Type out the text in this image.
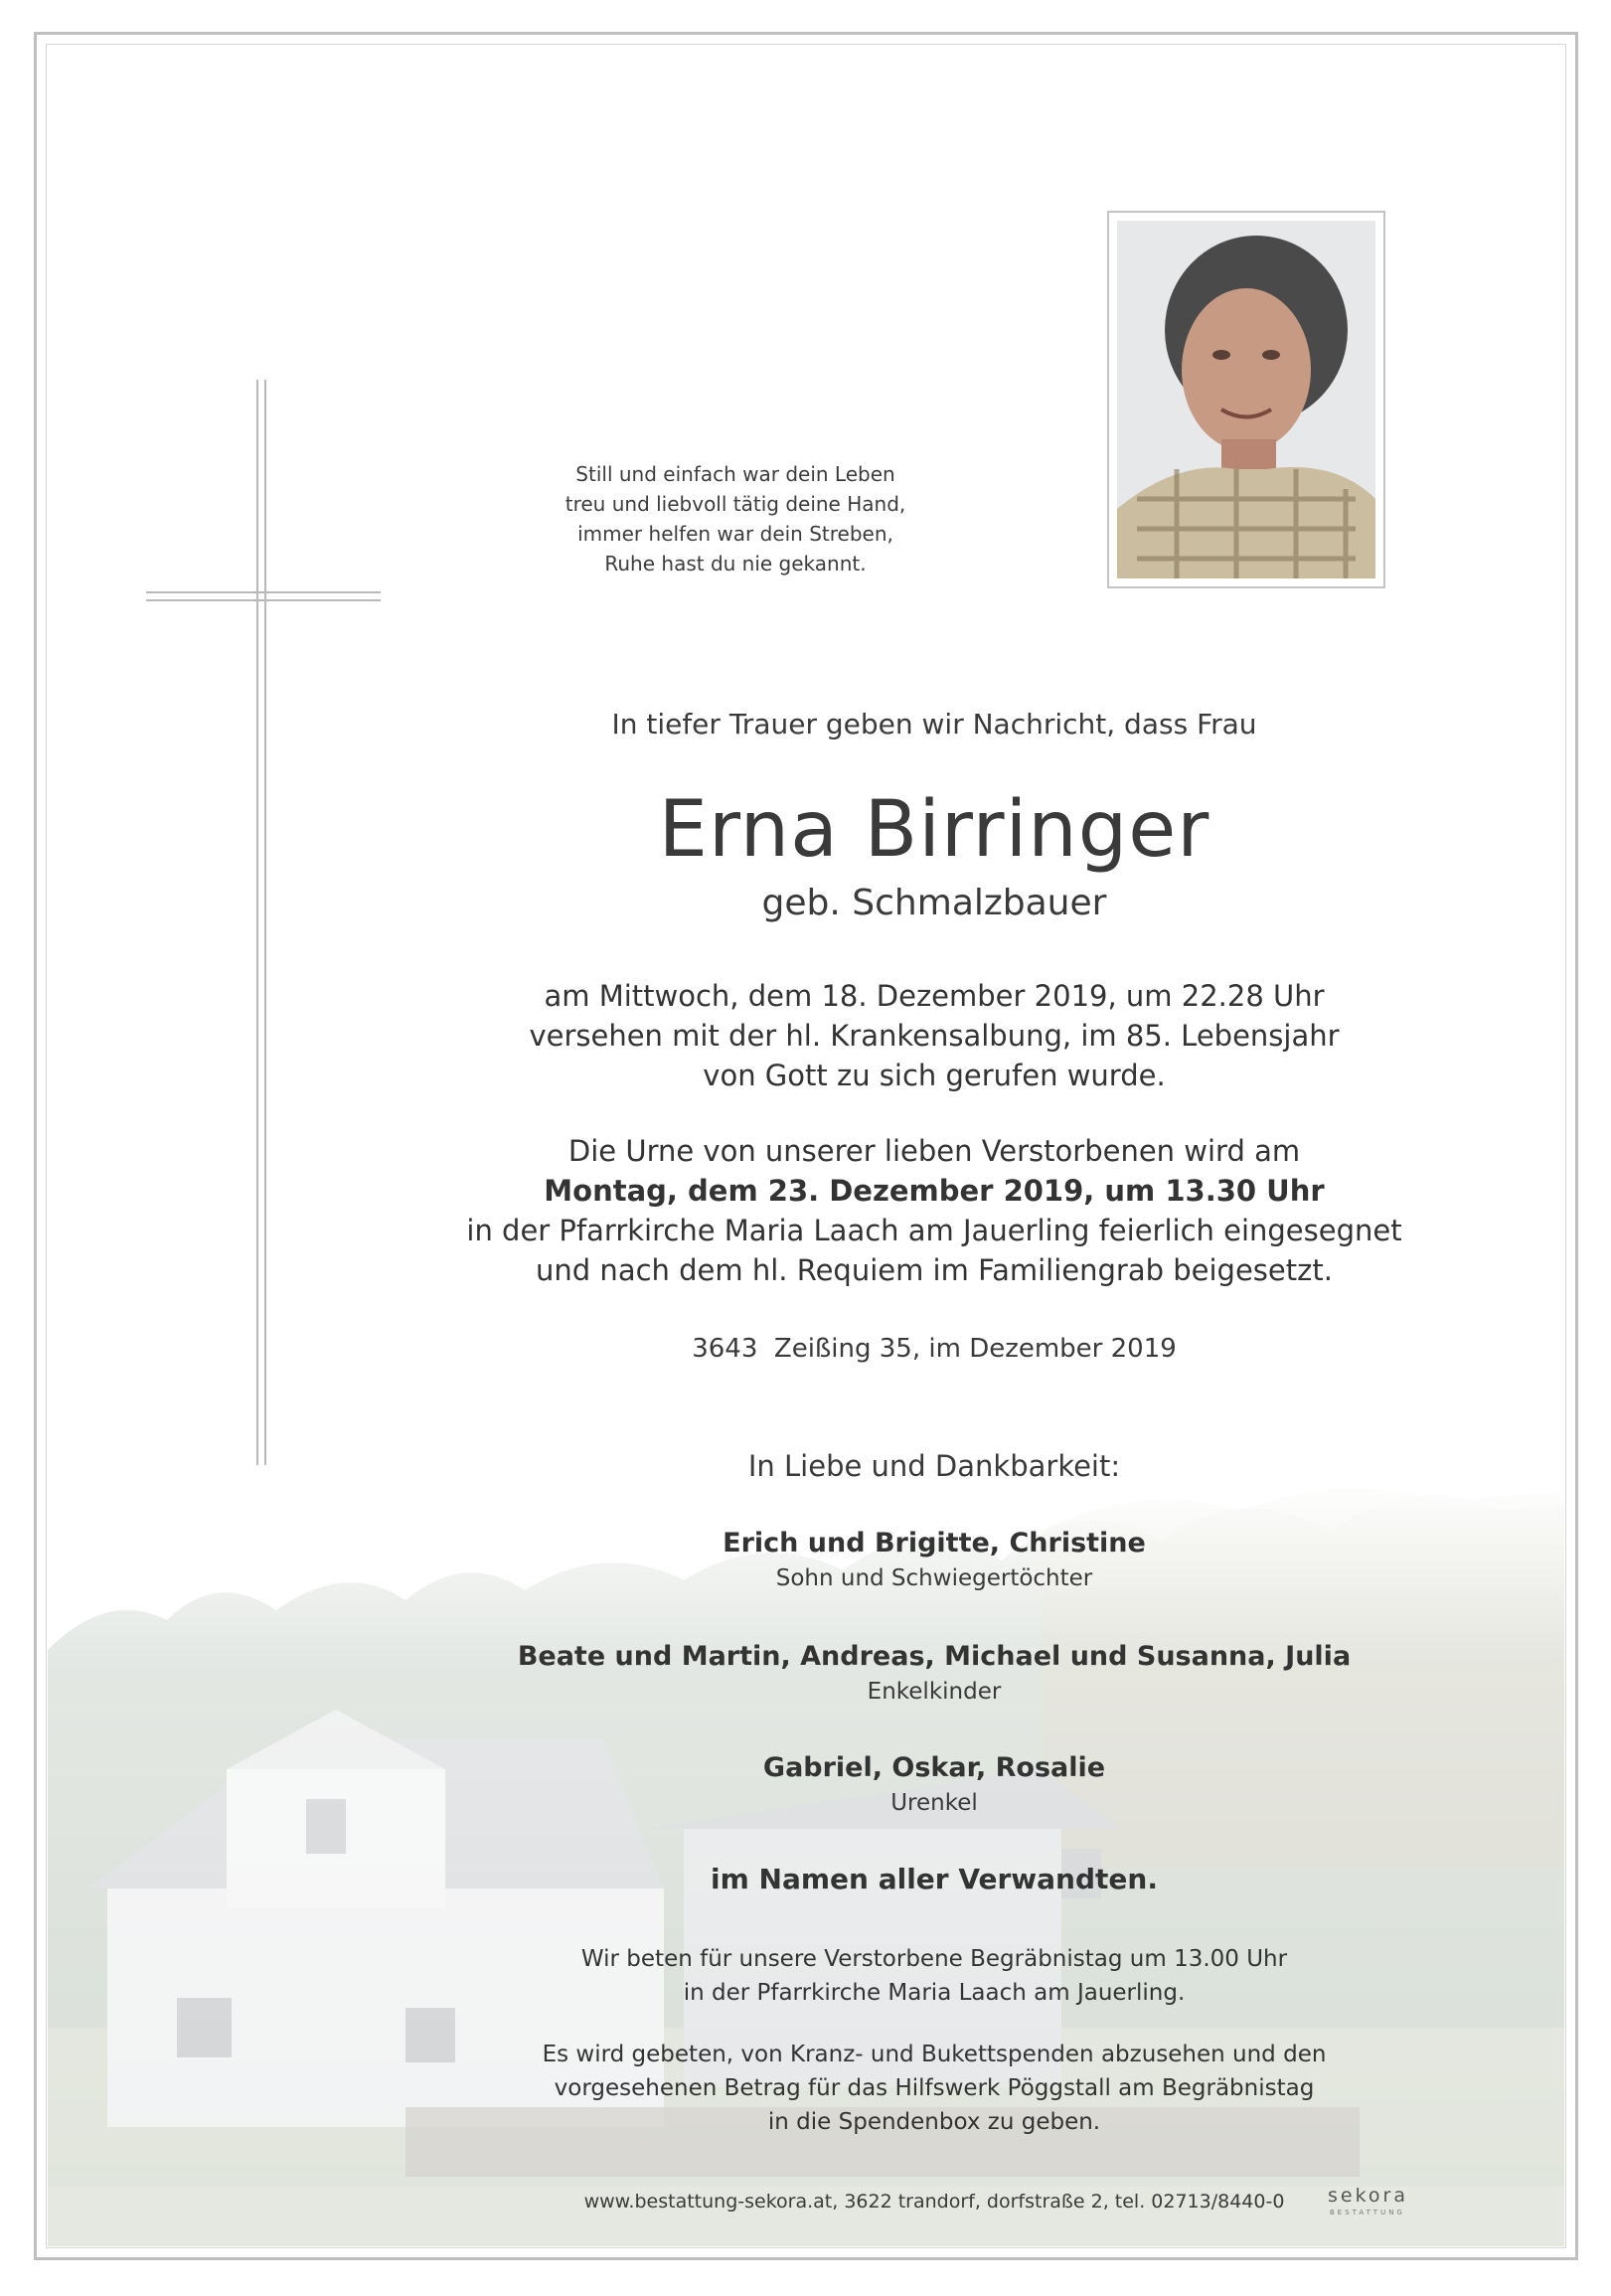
Still und einfach war dein Leben
treu und liebvoll tätig deine Hand,
immer helfen war dein Streben,
Ruhe hast du nie gekannt.
In tiefer Trauer geben wir Nachricht, dass Frau
Erna Birringer
geb. Schmalzbauer
am Mittwoch, dem 18. Dezember 2019, um 22.28 Uhr
versehen mit der hl. Krankensalbung, im 85. Lebensjahr
von Gott zu sich gerufen wurde.
Die Urne von unserer lieben Verstorbenen wird am
Montag, dem 23. Dezember 2019, um 13.30 Uhr
in der Pfarrkirche Maria Laach am Jauerling feierlich eingesegnet
und nach dem hl. Requiem im Familiengrab beigesetzt.
3643  Zeißing 35, im Dezember 2019
In Liebe und Dankbarkeit:
Erich und Brigitte, Christine
Sohn und Schwiegertöchter
Beate und Martin, Andreas, Michael und Susanna, Julia
Enkelkinder
Gabriel, Oskar, Rosalie
Urenkel
im Namen aller Verwandten.
Wir beten für unsere Verstorbene Begräbnistag um 13.00 Uhr
in der Pfarrkirche Maria Laach am Jauerling.
Es wird gebeten, von Kranz- und Bukettspenden abzusehen und den
vorgesehenen Betrag für das Hilfswerk Pöggstall am Begräbnistag
in die Spendenbox zu geben.
www.bestattung-sekora.at, 3622 trandorf, dorfstraße 2, tel. 02713/8440-0	sekora
BESTATTUNG
